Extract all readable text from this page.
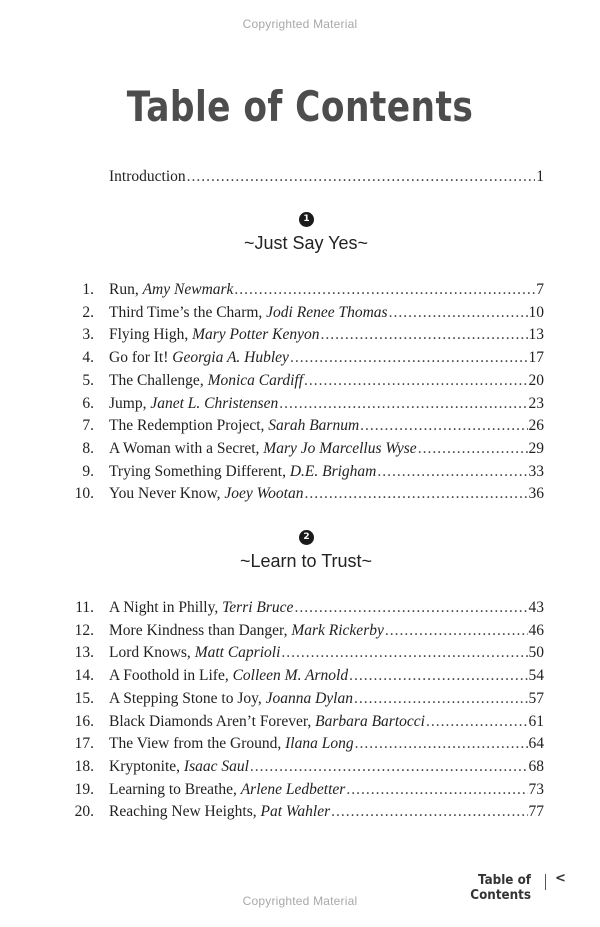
Copyrighted Material
Table of Contents
Introduction .....	1
1
~Just Say Yes~
1. Run, Amy Newmark .....	7
2. Third Time’s the Charm, Jodi Renee Thomas .....	10
3. Flying High, Mary Potter Kenyon .....	13
4. Go for It! Georgia A. Hubley .....	17
5. The Challenge, Monica Cardiff .....	20
6. Jump, Janet L. Christensen .....	23
7. The Redemption Project, Sarah Barnum .....	26
8. A Woman with a Secret, Mary Jo Marcellus Wyse .....	29
9. Trying Something Different, D.E. Brigham .....	33
10. You Never Know, Joey Wootan .....	36
2
~Learn to Trust~
11. A Night in Philly, Terri Bruce .....	43
12. More Kindness than Danger, Mark Rickerby .....	46
13. Lord Knows, Matt Caprioli .....	50
14. A Foothold in Life, Colleen M. Arnold .....	54
15. A Stepping Stone to Joy, Joanna Dylan .....	57
16. Black Diamonds Aren’t Forever, Barbara Bartocci .....	61
17. The View from the Ground, Ilana Long .....	64
18. Kryptonite, Isaac Saul .....	68
19. Learning to Breathe, Arlene Ledbetter .....	73
20. Reaching New Heights, Pat Wahler .....	77
Table of Contents
<
Copyrighted Material
